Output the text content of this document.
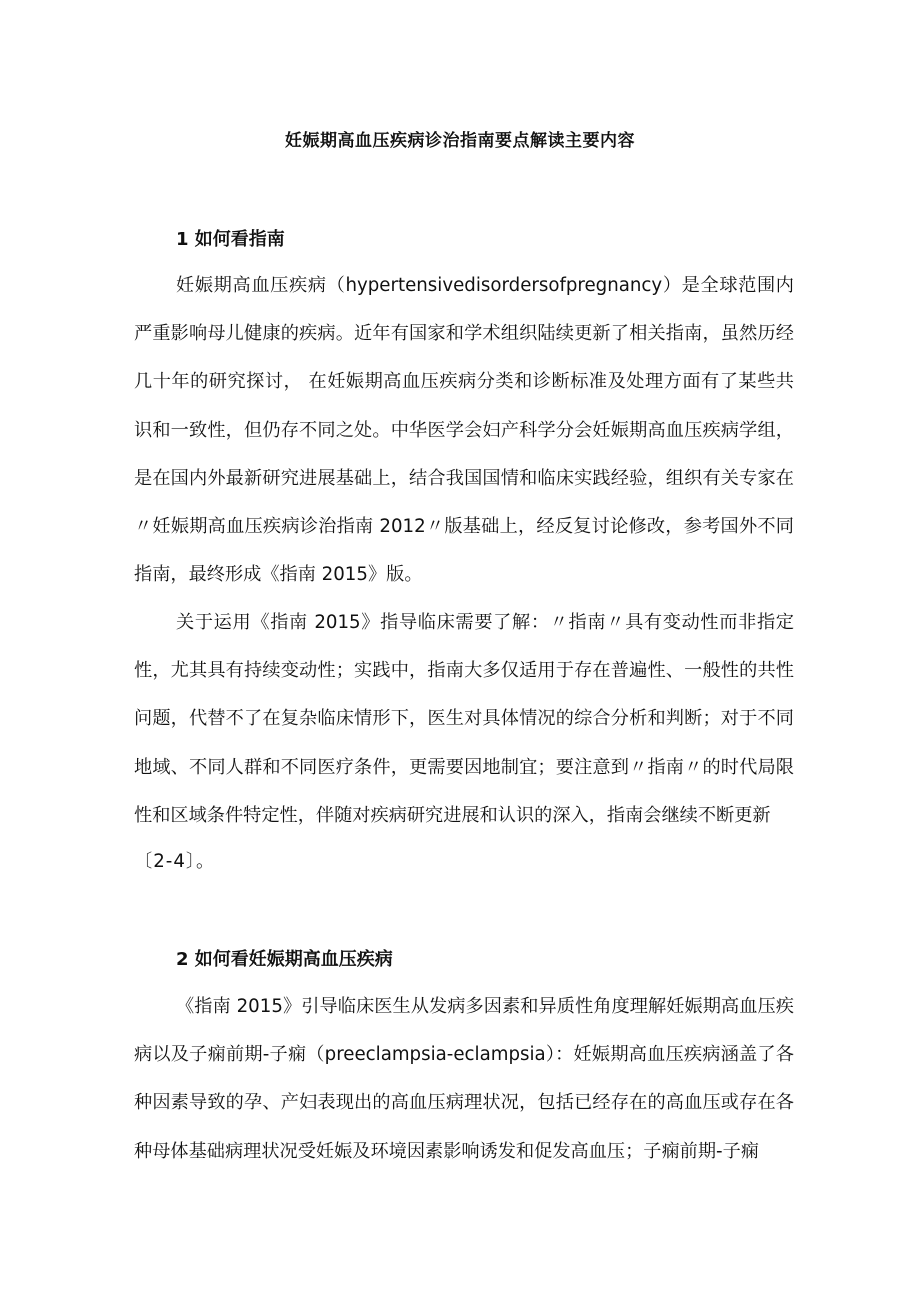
妊娠期高血压疾病诊治指南要点解读主要内容
1 如何看指南

妊娠期高血压疾病（hypertensivedisordersofpregnancy）是全球范围内严重影响母儿健康的疾病。近年有国家和学术组织陆续更新了相关指南，虽然历经几十年的研究探讨， 在妊娠期高血压疾病分类和诊断标准及处理方面有了某些共识和一致性，但仍存不同之处。中华医学会妇产科学分会妊娠期高血压疾病学组，是在国内外最新研究进展基础上，结合我国国情和临床实践经验，组织有关专家在〃妊娠期高血压疾病诊治指南 2012〃版基础上，经反复讨论修改，参考国外不同指南，最终形成《指南 2015》版。

关于运用《指南 2015》指导临床需要了解：〃指南〃具有变动性而非指定性，尤其具有持续变动性；实践中，指南大多仅适用于存在普遍性、一般性的共性问题，代替不了在复杂临床情形下，医生对具体情况的综合分析和判断；对于不同地域、不同人群和不同医疗条件，更需要因地制宜；要注意到〃指南〃的时代局限性和区域条件特定性，伴随对疾病研究进展和认识的深入，指南会继续不断更新

〔2-4〕。

2 如何看妊娠期高血压疾病

《指南 2015》引导临床医生从发病多因素和异质性角度理解妊娠期高血压疾病以及子痫前期-子痫（preeclampsia-eclampsia）：妊娠期高血压疾病涵盖了各种因素导致的孕、产妇表现出的高血压病理状况，包括已经存在的高血压或存在各种母体基础病理状况受妊娠及环境因素影响诱发和促发高血压；子痫前期-子痫
